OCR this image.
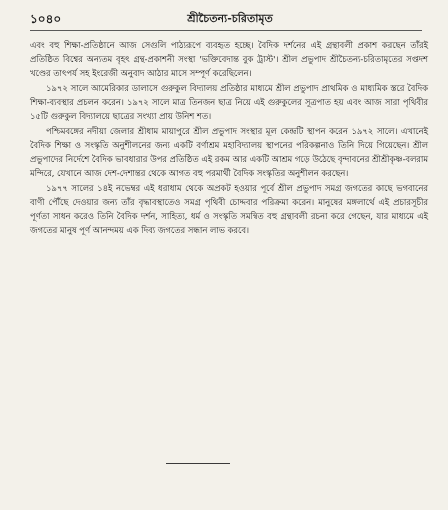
১০৪০	শ্রীচৈতন্য-চরিতামৃত

এবং বহু শিক্ষা-প্রতিষ্ঠানে আজ সেগুলি পাঠ্যরূপে ব্যবহৃত হচ্ছে। বৈদিক দর্শনের এই গ্রন্থাবলী প্রকাশ করছেন তাঁরই প্রতিষ্ঠিত বিশ্বের অন্যতম বৃহৎ গ্রন্থ-প্রকাশনী সংস্থা 'ভক্তিবেদান্ত বুক ট্রাস্ট'। শ্রীল প্রভুপাদ শ্রীচৈতন্য-চরিতামৃতের সপ্তদশ খণ্ডের তাৎপর্য সহ ইংরেজী অনুবাদ আঠার মাসে সম্পূর্ণ করেছিলেন।

১৯৭২ সালে আমেরিকার ডালাসে গুরুকুল বিদ্যালয় প্রতিষ্ঠার মাধ্যমে শ্রীল প্রভুপাদ প্রাথমিক ও মাধ্যমিক স্তরে বৈদিক শিক্ষা-ব্যবস্থার প্রচলন করেন। ১৯৭২ সালে মাত্র তিনজন ছাত্র নিয়ে এই গুরুকুলের সূত্রপাত হয় এবং আজ সারা পৃথিবীর ১৫টি গুরুকুল বিদ্যালয়ে ছাত্রের সংখ্যা প্রায় উনিশ শত।

পশ্চিমবঙ্গের নদীয়া জেলার শ্রীধাম মায়াপুরে শ্রীল প্রভুপাদ সংস্থার মূল কেন্দ্রটি স্থাপন করেন ১৯৭২ সালে। এখানেই বৈদিক শিক্ষা ও সংস্কৃতি অনুশীলনের জন্য একটি বর্ণাশ্রম মহাবিদ্যালয় স্থাপনের পরিকল্পনাও তিনি দিয়ে গিয়েছেন। শ্রীল প্রভুপাদের নির্দেশে বৈদিক ভাবধারার উপর প্রতিষ্ঠিত এই রকম আর একটি আশ্রম গড়ে উঠেছে বৃন্দাবনের শ্রীশ্রীকৃষ্ণ-বলরাম মন্দিরে, যেখানে আজ দেশ-দেশান্তর থেকে আগত বহু পরমার্থী বৈদিক সংস্কৃতির অনুশীলন করছেন।

১৯৭৭ সালের ১৪ই নভেম্বর এই ধরাধাম থেকে অপ্রকট হওয়ার পূর্বে শ্রীল প্রভুপাদ সমগ্র জগতের কাছে ভগবানের বাণী পৌঁছে দেওয়ার জন্য তাঁর বৃদ্ধাবস্থাতেও সমগ্র পৃথিবী চোদ্দবার পরিক্রমা করেন। মানুষের মঙ্গলার্থে এই প্রচারসূচীর পূর্ণতা সাধন করেও তিনি বৈদিক দর্শন, সাহিত্য, ধর্ম ও সংস্কৃতি সমন্বিত বহু গ্রন্থাবলী রচনা করে গেছেন, যার মাধ্যমে এই জগতের মানুষ পূর্ণ আনন্দময় এক দিব্য জগতের সন্ধান লাভ করবে।
